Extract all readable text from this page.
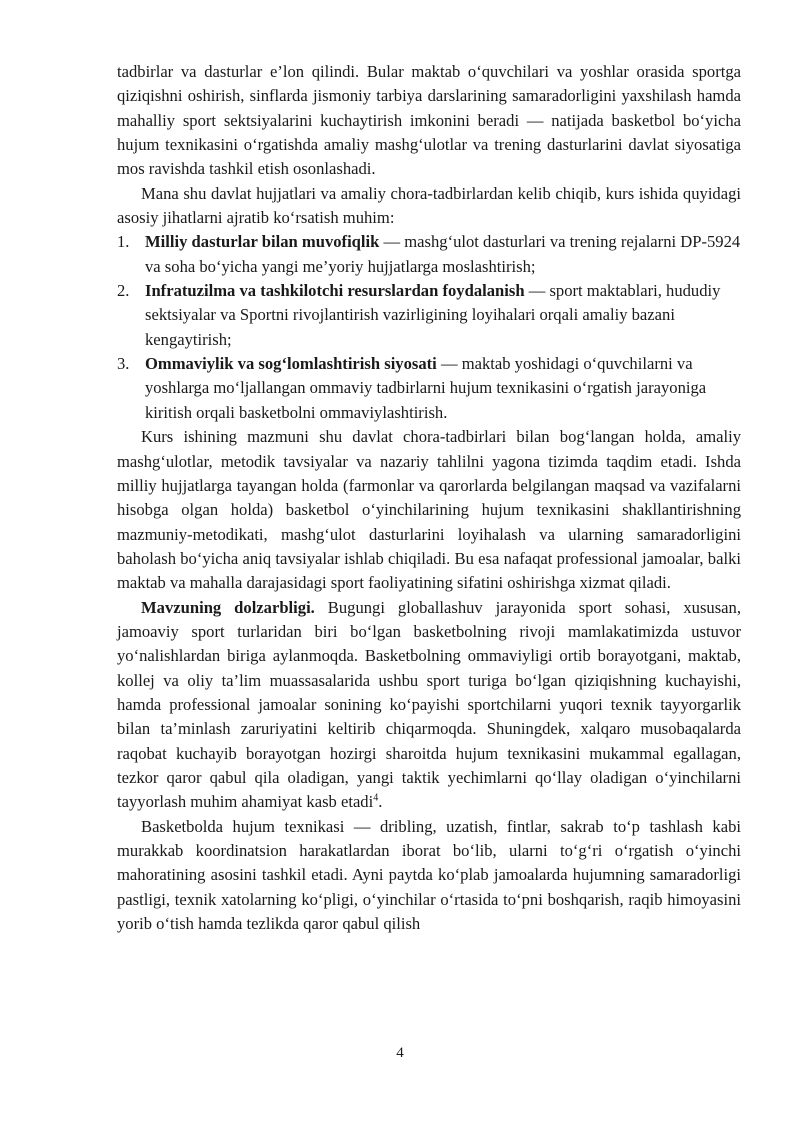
tadbirlar va dasturlar e’lon qilindi. Bular maktab o‘quvchilari va yoshlar orasida sportga qiziqishni oshirish, sinflarda jismoniy tarbiya darslarining samaradorligini yaxshilash hamda mahalliy sport sektsiyalarini kuchaytirish imkonini beradi — natijada basketbol bo‘yicha hujum texnikasini o‘rgatishda amaliy mashg‘ulotlar va trening dasturlarini davlat siyosatiga mos ravishda tashkil etish osonlashadi.

Mana shu davlat hujjatlari va amaliy chora-tadbirlardan kelib chiqib, kurs ishida quyidagi asosiy jihatlarni ajratib ko‘rsatish muhim:

1. Milliy dasturlar bilan muvofiqlik — mashg‘ulot dasturlari va trening rejalarni DP-5924 va soha bo‘yicha yangi me’yoriy hujjatlarga moslashtirish;
2. Infratuzilma va tashkilotchi resurslardan foydalanish — sport maktablari, hududiy sektsiyalar va Sportni rivojlantirish vazirligining loyihalari orqali amaliy bazani kengaytirish;
3. Ommaviylik va sog‘lomlashtirish siyosati — maktab yoshidagi o‘quvchilarni va yoshlarga mo‘ljallangan ommaviy tadbirlarni hujum texnikasini o‘rgatish jarayoniga kiritish orqali basketbolni ommaviylashtirish.

Kurs ishining mazmuni shu davlat chora-tadbirlari bilan bog‘langan holda, amaliy mashg‘ulotlar, metodik tavsiyalar va nazariy tahlilni yagona tizimda taqdim etadi. Ishda milliy hujjatlarga tayangan holda (farmonlar va qarorlarda belgilangan maqsad va vazifalarni hisobga olgan holda) basketbol o‘yinchilarining hujum texnikasini shakllantirishning mazmuniy-metodikati, mashg‘ulot dasturlarini loyihalash va ularning samaradorligini baholash bo‘yicha aniq tavsiyalar ishlab chiqiladi. Bu esa nafaqat professional jamoalar, balki maktab va mahalla darajasidagi sport faoliyatining sifatini oshirishga xizmat qiladi.

Mavzuning dolzarbligi. Bugungi globallashuv jarayonida sport sohasi, xususan, jamoaviy sport turlaridan biri bo‘lgan basketbolning rivoji mamlakatimizda ustuvor yo‘nalishlardan biriga aylanmoqda. Basketbolning ommaviyligi ortib borayotgani, maktab, kollej va oliy ta’lim muassasalarida ushbu sport turiga bo‘lgan qiziqishning kuchayishi, hamda professional jamoalar sonining ko‘payishi sportchilarni yuqori texnik tayyorgarlik bilan ta’minlash zaruriyatini keltirib chiqarmoqda. Shuningdek, xalqaro musobaqalarda raqobat kuchayib borayotgan hozirgi sharoitda hujum texnikasini mukammal egallagan, tezkor qaror qabul qila oladigan, yangi taktik yechimlarni qo‘llay oladigan o‘yinchilarni tayyorlash muhim ahamiyat kasb etadi$^4$.

Basketbolda hujum texnikasi — dribling, uzatish, fintlar, sakrab to‘p tashlash kabi murakkab koordinatsion harakatlardan iborat bo‘lib, ularni to‘g‘ri o‘rgatish o‘yinchi mahoratining asosini tashkil etadi. Ayni paytda ko‘plab jamoalarda hujumning samaradorligi pastligi, texnik xatolarning ko‘pligi, o‘yinchilar o‘rtasida to‘pni boshqarish, raqib himoyasini yorib o‘tish hamda tezlikda qaror qabul qilish

4
